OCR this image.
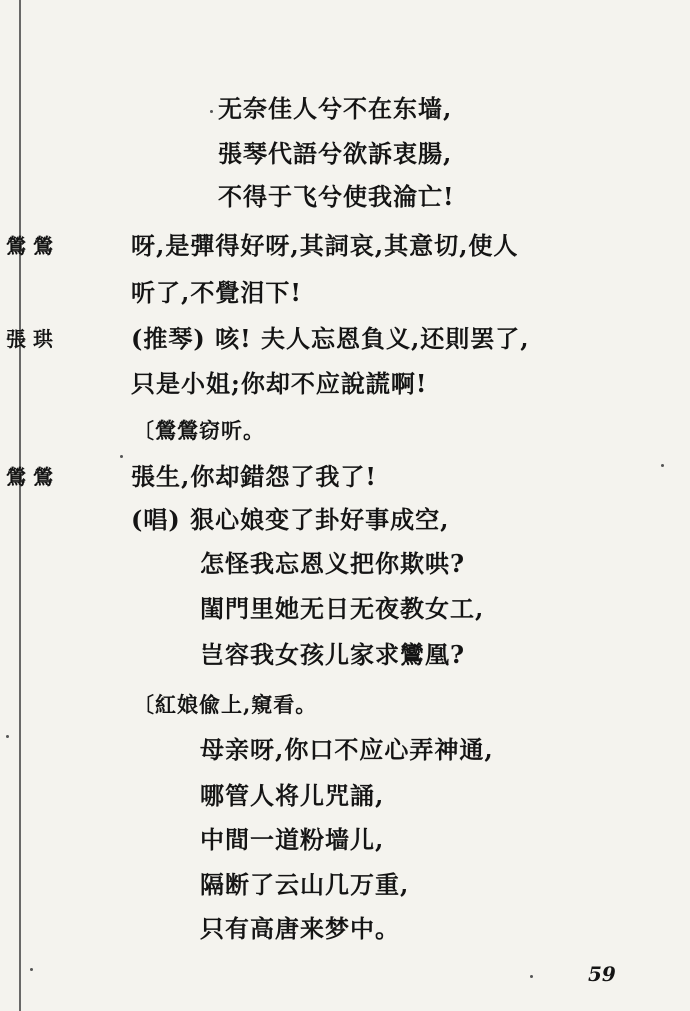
无奈佳人兮不在东墙,
張琴代語兮欲訴衷腸,
不得于飞兮使我淪亡!
鶯 鶯	呀,是彈得好呀,其詞哀,其意切,使人
听了,不覺泪下!
張 珙	(推琴) 咳! 夫人忘恩負义,还則罢了,
只是小姐;你却不应說謊啊!
〔鶯鶯窃听。
鶯 鶯	張生,你却錯怨了我了!
(唱) 狠心娘变了卦好事成空,
怎怪我忘恩义把你欺哄?
閨門里她无日无夜教女工,
岂容我女孩儿家求鸞凰?
〔紅娘偸上,窺看。
母亲呀,你口不应心弄神通,
哪管人将儿咒誦,
中間一道粉墙儿,
隔断了云山几万重,
只有高唐来梦中。
59
